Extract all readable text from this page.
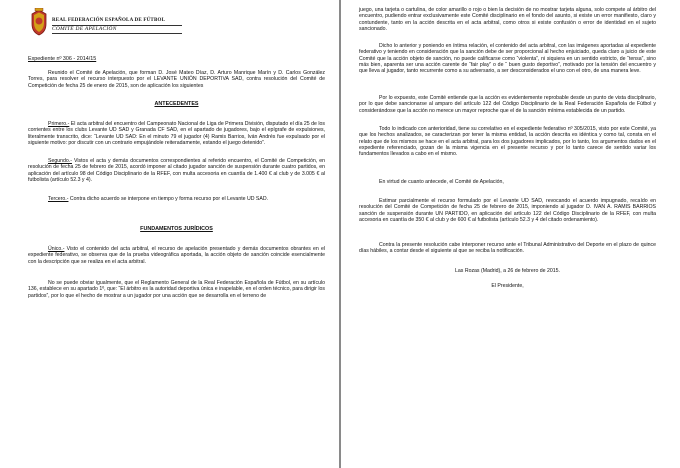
REAL FEDERACIÓN ESPAÑOLA DE FÚTBOL
COMITÉ DE APELACIÓN
Expediente nº 306 - 2014/15

Reunido el Comité de Apelación, que forman D. José Mateo Díaz, D. Arturo Manrique Marín y D. Carlos González Torres, para resolver el recurso interpuesto por el LEVANTE UNIÓN DEPORTIVA SAD, contra resolución del Comité de Competición de fecha 25 de enero de 2015, son de aplicación los siguientes

ANTECEDENTES

Primero.- El acta arbitral del encuentro del Campeonato Nacional de Liga de Primera División, disputado el día 25 de los corrientes entre los clubs Levante UD SAD y Granada CF SAD, en el apartado de jugadores, bajo el epígrafe de expulsiones, literalmente transcrito, dice: “Levante UD SAD: En el minuto 79 el jugador (4) Ramis Barrios, Iván Andrés fue expulsado por el siguiente motivo: por discutir con un contrario empujándole reiteradamente, estando el juego detenido”.

Segundo.- Vistos el acta y demás documentos correspondientes al referido encuentro, el Comité de Competición, en resolución de fecha 25 de febrero de 2015, acordó imponer al citado jugador sanción de suspensión durante cuatro partidos, en aplicación del artículo 98 del Código Disciplinario de la RFEF, con multa accesoria en cuantía de 1.400 € al club y de 3.005 € al futbolista (artículo 52.3 y 4).

Tercero.- Contra dicho acuerdo se interpone en tiempo y forma recurso por el Levante UD SAD.

FUNDAMENTOS JURÍDICOS

Único.- Visto el contenido del acta arbitral, el recurso de apelación presentado y demás documentos obrantes en el expediente federativo, se observa que de la prueba videográfica aportada, la acción objeto de sanción coincide esencialmente con la descripción que se realiza en el acta arbitral.

No se puede obviar igualmente, que el Reglamento General de la Real Federación Española de Fútbol, en su artículo 136, establece en su apartado 1º, que: “El árbitro es la autoridad deportiva única e inapelable, en el orden técnico, para dirigir los partidos”, por lo que el hecho de mostrar a un jugador por una acción que se desarrolla en el terreno de

juego, una tarjeta o cartulina, de color amarillo o rojo o bien la decisión de no mostrar tarjeta alguna, solo compete al árbitro del encuentro, pudiendo entrar exclusivamente este Comité disciplinario en el fondo del asunto, si existe un error manifiesto, claro y contundente, tanto en la acción descrita en el acta arbitral, como otros si existe confusión o error de identidad en el sujeto sancionado.

Dicho lo anterior y poniendo en íntima relación, el contenido del acta arbitral, con las imágenes aportadas al expediente federativo y teniendo en consideración que la sanción debe de ser proporcional al hecho enjuiciado, queda claro a juicio de este Comité que la acción objeto de sanción, no puede calificarse como “violenta”, ni siquiera en un sentido estricto, de “tensa”, sino más bien, aparenta ser una acción carente de “fair play” o de “ buen gusto deportivo”, motivado por la tensión del encuentro y que lleva al jugador, tanto recurrente como a su adversario, a ser desconsiderados el uno con el otro, de una manera leve.

Por lo expuesto, este Comité entiende que la acción es evidentemente reprobable desde un punto de vista disciplinario, por lo que debe sancionarse al amparo del artículo 122 del Código Disciplinario de la Real Federación Española de Fútbol y considerándose que la acción no merece un mayor reproche que el de la sanción mínima establecida de un partido.

Todo lo indicado con anterioridad, tiene su correlativo en el expediente federativo nº 305/2015, visto por este Comité, ya que los hechos analizados, se caracterizan por tener la misma entidad, la acción descrita es idéntica y como tal, consta en el relato que de los mismos se hace en el acta arbitral, para los dos jugadores implicados, por lo tanto, los argumentos dados en el expediente referenciado, gozan de la misma vigencia en el presente recurso y por lo tanto carece de sentido variar los fundamentos llevados a cabo en el mismo.

En virtud de cuanto antecede, el Comité de Apelación,

Estimar parcialmente el recurso formulado por el Levante UD SAD, revocando el acuerdo impugnado, recaído en resolución del Comité de Competición de fecha 25 de febrero de 2015, imponiendo al jugador D. IVAN A. RAMIS BARRIOS sanción de suspensión durante UN PARTIDO, en aplicación del artículo 122 del Código Disciplinario de la RFEF, con multa accesoria en cuantía de 350 € al club y de 600 € al futbolista (artículo 52.3 y 4 del citado ordenamiento).

Contra la presente resolución cabe interponer recurso ante el Tribunal Administrativo del Deporte en el plazo de quince días hábiles, a contar desde el siguiente al que se reciba la notificación.

Las Rozas (Madrid), a 26 de febrero de 2015.

El Presidente,
